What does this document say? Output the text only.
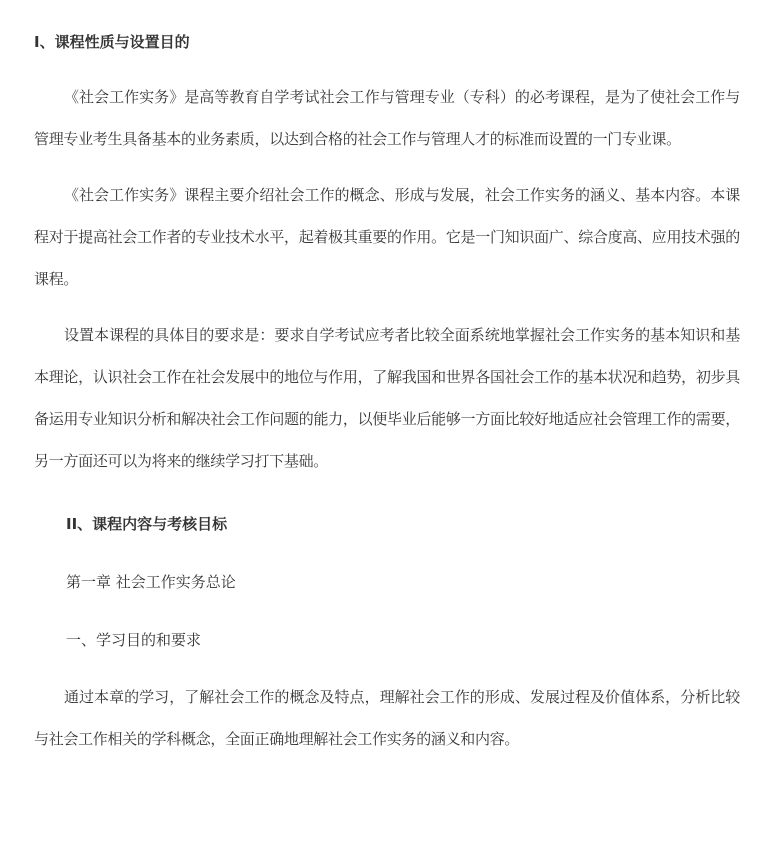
I、课程性质与设置目的

《社会工作实务》是高等教育自学考试社会工作与管理专业（专科）的必考课程，是为了使社会工作与管理专业考生具备基本的业务素质，以达到合格的社会工作与管理人才的标准而设置的一门专业课。

《社会工作实务》课程主要介绍社会工作的概念、形成与发展，社会工作实务的涵义、基本内容。本课程对于提高社会工作者的专业技术水平，起着极其重要的作用。它是一门知识面广、综合度高、应用技术强的课程。

设置本课程的具体目的要求是：要求自学考试应考者比较全面系统地掌握社会工作实务的基本知识和基本理论，认识社会工作在社会发展中的地位与作用，了解我国和世界各国社会工作的基本状况和趋势，初步具备运用专业知识分析和解决社会工作问题的能力，以便毕业后能够一方面比较好地适应社会管理工作的需要，另一方面还可以为将来的继续学习打下基础。

II、课程内容与考核目标

第一章 社会工作实务总论

一、学习目的和要求

通过本章的学习，了解社会工作的概念及特点，理解社会工作的形成、发展过程及价值体系，分析比较与社会工作相关的学科概念，全面正确地理解社会工作实务的涵义和内容。
